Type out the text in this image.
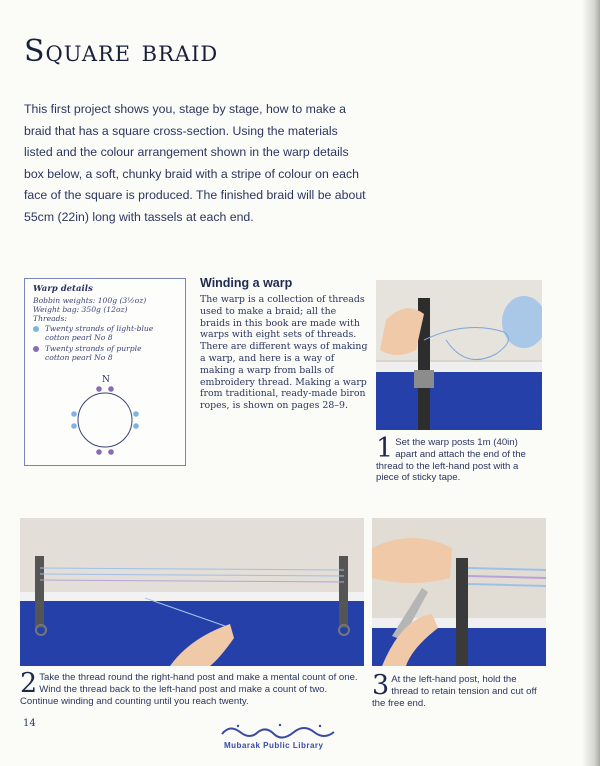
Square braid

This first project shows you, stage by stage, how to make a braid that has a square cross-section. Using the materials listed and the colour arrangement shown in the warp details box below, a soft, chunky braid with a stripe of colour on each face of the square is produced. The finished braid will be about 55cm (22in) long with tassels at each end.

Warp details
Bobbin weights: 100g (3½oz)
Weight bag: 350g (12oz)
Threads:
Twenty strands of light-blue cotton pearl No 8
Twenty strands of purple cotton pearl No 8
N
Winding a warp

The warp is a collection of threads used to make a braid; all the braids in this book are made with warps with eight sets of threads. There are different ways of making a warp, and here is a way of making a warp from balls of embroidery thread. Making a warp from traditional, ready-made biron ropes, is shown on pages 28–9.

1 Set the warp posts 1m (40in) apart and attach the end of the thread to the left-hand post with a piece of sticky tape.
2 Take the thread round the right-hand post and make a mental count of one. Wind the thread back to the left-hand post and make a count of two. Continue winding and counting until you reach twenty.
3 At the left-hand post, hold the thread to retain tension and cut off the free end.
14
Mubarak Public Library
